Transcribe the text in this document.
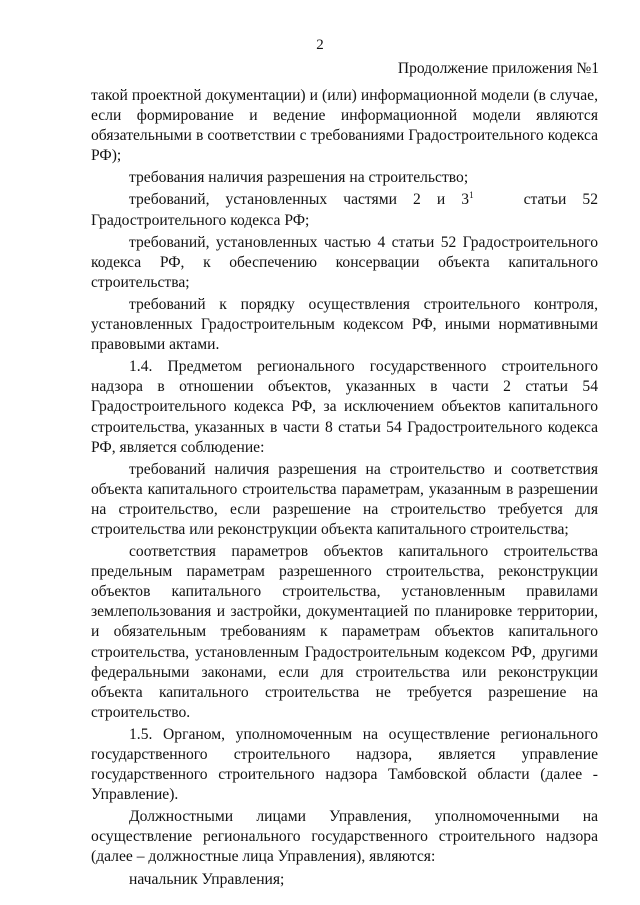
2
Продолжение приложения №1

такой проектной документации) и (или) информационной модели (в случае, если формирование и ведение информационной модели являются обязательными в соответствии с требованиями Градостроительного кодекса РФ);

требования наличия разрешения на строительство;

требований, установленных частями 2 и $3^1$	статьи 52 Градостроительного кодекса РФ;

требований, установленных частью 4 статьи 52 Градостроительного кодекса РФ, к обеспечению консервации объекта капитального строительства;

требований к порядку осуществления строительного контроля, установленных Градостроительным кодексом РФ, иными нормативными правовыми актами.

1.4. Предметом регионального государственного строительного надзора в отношении объектов, указанных в части 2 статьи 54 Градостроительного кодекса РФ, за исключением объектов капитального строительства, указанных в части 8 статьи 54 Градостроительного кодекса РФ, является соблюдение:

требований наличия разрешения на строительство и соответствия объекта капитального строительства параметрам, указанным в разрешении на строительство, если разрешение на строительство требуется для строительства или реконструкции объекта капитального строительства;

соответствия параметров объектов капитального строительства предельным параметрам разрешенного строительства, реконструкции объектов капитального строительства, установленным правилами землепользования и застройки, документацией по планировке территории, и обязательным требованиям к параметрам объектов капитального строительства, установленным Градостроительным кодексом РФ, другими федеральными законами, если для строительства или реконструкции объекта капитального строительства не требуется разрешение на строительство.

1.5. Органом, уполномоченным на осуществление регионального государственного строительного надзора, является управление государственного строительного надзора Тамбовской области (далее - Управление).

Должностными лицами Управления, уполномоченными на осуществление регионального государственного строительного надзора (далее – должностные лица Управления), являются:

начальник Управления;
